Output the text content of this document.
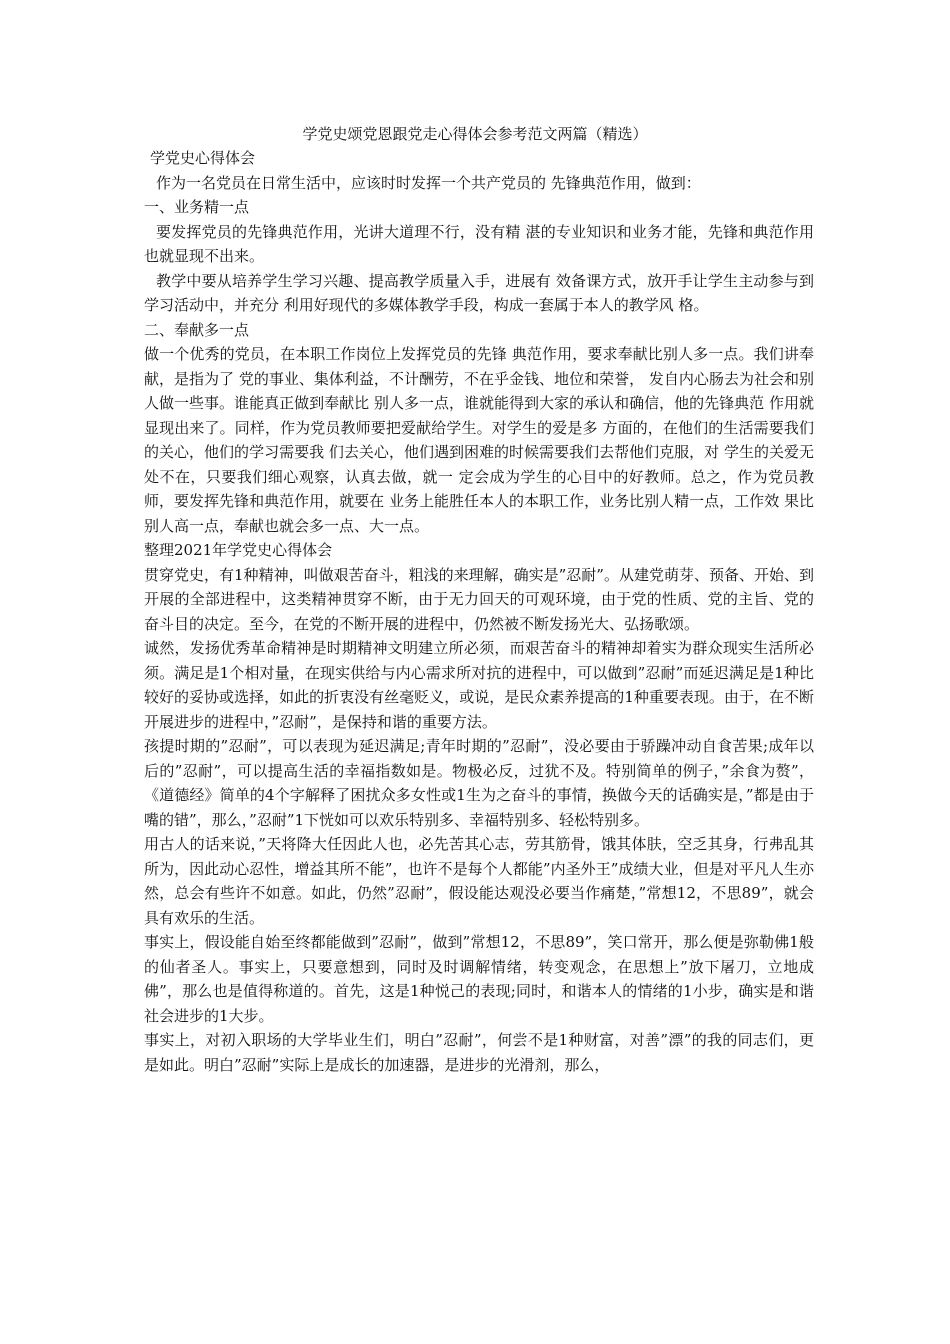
学党史颂党恩跟党走心得体会参考范文两篇（精选）

学党史心得体会

作为一名党员在日常生活中，应该时时发挥一个共产党员的 先锋典范作用，做到：

一、业务精一点

要发挥党员的先锋典范作用，光讲大道理不行，没有精 湛的专业知识和业务才能，先锋和典范作用也就显现不出来。

教学中要从培养学生学习兴趣、提高教学质量入手，进展有 效备课方式，放开手让学生主动参与到学习活动中，并充分 利用好现代的多媒体教学手段，构成一套属于本人的教学风 格。

二、奉献多一点

做一个优秀的党员，在本职工作岗位上发挥党员的先锋 典范作用，要求奉献比别人多一点。我们讲奉献，是指为了 党的事业、集体利益，不计酬劳，不在乎金钱、地位和荣誉， 发自内心肠去为社会和别人做一些事。谁能真正做到奉献比 别人多一点，谁就能得到大家的承认和确信，他的先锋典范 作用就显现出来了。同样，作为党员教师要把爱献给学生。对学生的爱是多 方面的，在他们的生活需要我们的关心，他们的学习需要我 们去关心，他们遇到困难的时候需要我们去帮他们克服，对 学生的关爱无处不在，只要我们细心观察，认真去做，就一 定会成为学生的心目中的好教师。总之，作为党员教师，要发挥先锋和典范作用，就要在 业务上能胜任本人的本职工作，业务比别人精一点，工作效 果比别人高一点，奉献也就会多一点、大一点。

整理2021年学党史心得体会

贯穿党史，有1种精神，叫做艰苦奋斗，粗浅的来理解，确实是”忍耐”。从建党萌芽、预备、开始、到开展的全部进程中，这类精神贯穿不断，由于无力回天的可观环境，由于党的性质、党的主旨、党的奋斗目的决定。至今，在党的不断开展的进程中，仍然被不断发扬光大、弘扬歌颂。

诚然，发扬优秀革命精神是时期精神文明建立所必须，而艰苦奋斗的精神却着实为群众现实生活所必须。满足是1个相对量，在现实供给与内心需求所对抗的进程中，可以做到”忍耐”而延迟满足是1种比较好的妥协或选择，如此的折衷没有丝毫贬义，或说，是民众素养提高的1种重要表现。由于，在不断开展进步的进程中，”忍耐”，是保持和谐的重要方法。

孩提时期的”忍耐”，可以表现为延迟满足;青年时期的”忍耐”，没必要由于骄躁冲动自食苦果;成年以后的”忍耐”，可以提高生活的幸福指数如是。物极必反，过犹不及。特别简单的例子，”余食为赘”，《道德经》简单的4个字解释了困扰众多女性或1生为之奋斗的事情，换做今天的话确实是，”都是由于嘴的错”，那么，”忍耐”1下恍如可以欢乐特别多、幸福特别多、轻松特别多。

用古人的话来说，”天将降大任因此人也，必先苦其心志，劳其筋骨，饿其体肤，空乏其身，行弗乱其所为，因此动心忍性，增益其所不能”，也许不是每个人都能”内圣外王”成绩大业，但是对平凡人生亦然，总会有些许不如意。如此，仍然”忍耐”，假设能达观没必要当作痛楚，”常想12，不思89”，就会具有欢乐的生活。

事实上，假设能自始至终都能做到”忍耐”，做到”常想12，不思89”，笑口常开，那么便是弥勒佛1般的仙者圣人。事实上，只要意想到，同时及时调解情绪，转变观念，在思想上”放下屠刀，立地成佛”，那么也是值得称道的。首先，这是1种悦己的表现;同时，和谐本人的情绪的1小步，确实是和谐社会进步的1大步。

事实上，对初入职场的大学毕业生们，明白”忍耐”，何尝不是1种财富，对善”漂”的我的同志们，更是如此。明白”忍耐”实际上是成长的加速器，是进步的光滑剂，那么，
